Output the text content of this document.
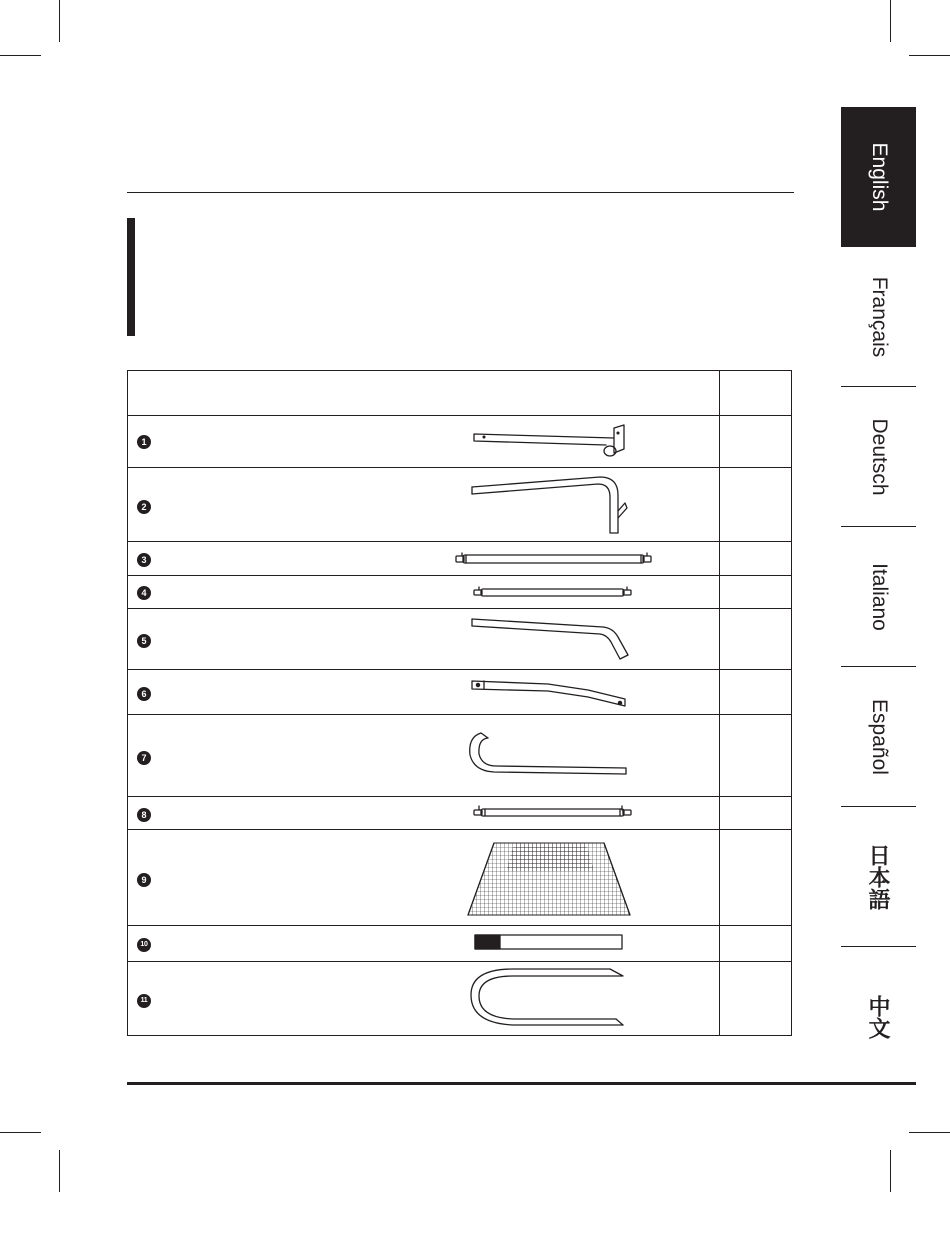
English
Français
Deutsch
Italiano
Español
日本語
中文
1
2
3
4
5
6
7
8
9
10
11
